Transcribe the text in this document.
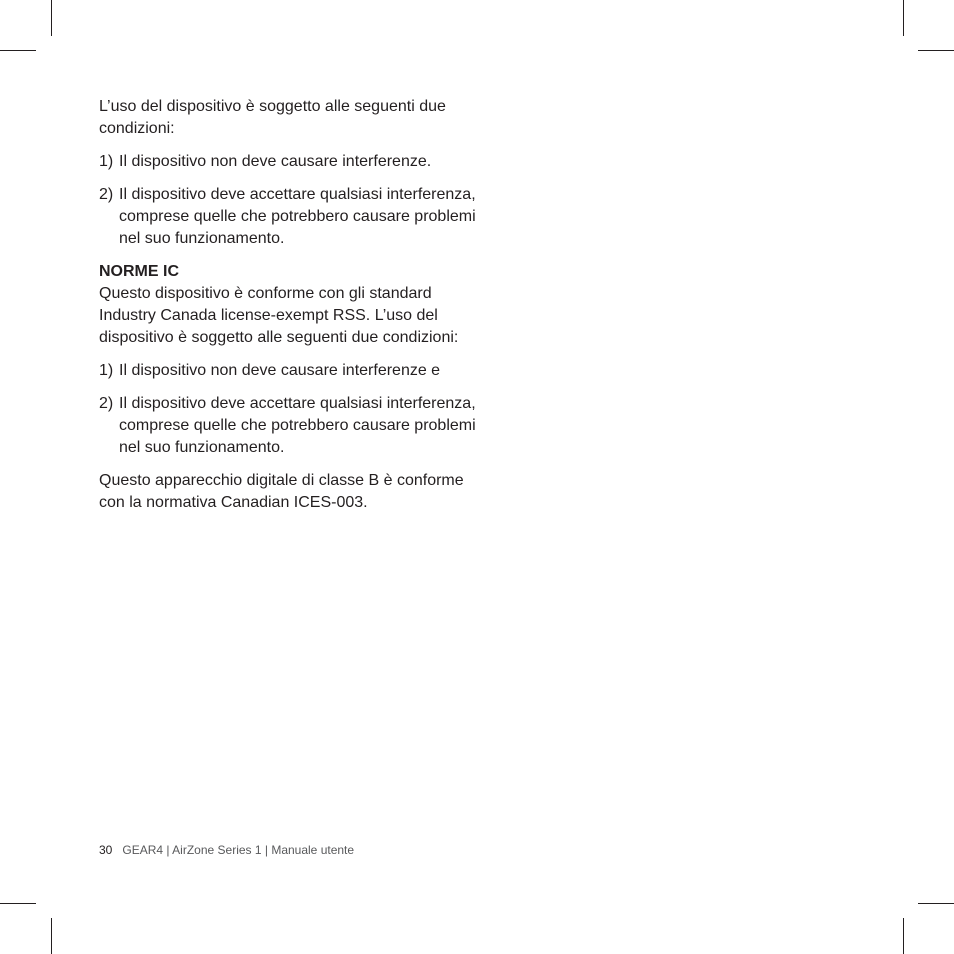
L’uso del dispositivo è soggetto alle seguenti due condizioni:

1) Il dispositivo non deve causare interferenze.
2) Il dispositivo deve accettare qualsiasi interferenza, comprese quelle che potrebbero causare problemi nel suo funzionamento.

NORME IC

Questo dispositivo è conforme con gli standard Industry Canada license-exempt RSS. L’uso del dispositivo è soggetto alle seguenti due condizioni:

1) Il dispositivo non deve causare interferenze e
2) Il dispositivo deve accettare qualsiasi interferenza, comprese quelle che potrebbero causare problemi nel suo funzionamento.

Questo apparecchio digitale di classe B è conforme con la normativa Canadian ICES-003.

30 GEAR4 | AirZone Series 1 | Manuale utente
